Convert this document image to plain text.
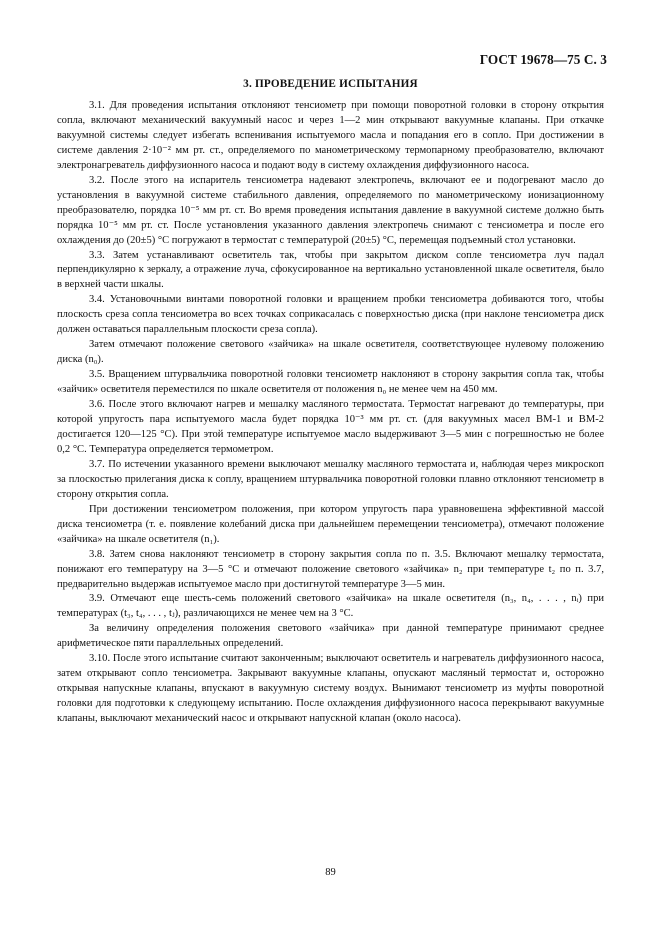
ГОСТ 19678—75 С. 3
3. ПРОВЕДЕНИЕ ИСПЫТАНИЯ

3.1. Для проведения испытания отклоняют тенсиометр при помощи поворотной головки в сторону открытия сопла, включают механический вакуумный насос и через 1—2 мин открывают вакуумные клапаны. При откачке вакуумной системы следует избегать вспенивания испытуемого масла и попадания его в сопло. При достижении в системе давления 2·10⁻² мм рт. ст., определяемого по манометрическому термопарному преобразователю, включают электронагреватель диффузионного насоса и подают воду в систему охлаждения диффузионного насоса.

3.2. После этого на испаритель тенсиометра надевают электропечь, включают ее и подогревают масло до установления в вакуумной системе стабильного давления, определяемого по манометрическому ионизационному преобразователю, порядка 10⁻⁵ мм рт. ст. Во время проведения испытания давление в вакуумной системе должно быть порядка 10⁻⁵ мм рт. ст. После установления указанного давления электропечь снимают с тенсиометра и после его охлаждения до (20±5) °С погружают в термостат с температурой (20±5) °С, перемещая подъемный стол установки.

3.3. Затем устанавливают осветитель так, чтобы при закрытом диском сопле тенсиометра луч падал перпендикулярно к зеркалу, а отражение луча, сфокусированное на вертикально установленной шкале осветителя, было в верхней части шкалы.

3.4. Установочными винтами поворотной головки и вращением пробки тенсиометра добиваются того, чтобы плоскость среза сопла тенсиометра во всех точках соприкасалась с поверхностью диска (при наклоне тенсиометра диск должен оставаться параллельным плоскости среза сопла).

Затем отмечают положение светового «зайчика» на шкале осветителя, соответствующее нулевому положению диска (n₀).

3.5. Вращением штурвальчика поворотной головки тенсиометр наклоняют в сторону закрытия сопла так, чтобы «зайчик» осветителя переместился по шкале осветителя от положения n₀ не менее чем на 450 мм.

3.6. После этого включают нагрев и мешалку масляного термостата. Термостат нагревают до температуры, при которой упругость пара испытуемого масла будет порядка 10⁻³ мм рт. ст. (для вакуумных масел ВМ-1 и ВМ-2 достигается 120—125 °С). При этой температуре испытуемое масло выдерживают 3—5 мин с погрешностью не более 0,2 °С. Температура определяется термометром.

3.7. По истечении указанного времени выключают мешалку масляного термостата и, наблюдая через микроскоп за плоскостью прилегания диска к соплу, вращением штурвальчика поворотной головки плавно отклоняют тенсиометр в сторону открытия сопла.

При достижении тенсиометром положения, при котором упругость пара уравновешена эффективной массой диска тенсиометра (т. е. появление колебаний диска при дальнейшем перемещении тенсиометра), отмечают положение «зайчика» на шкале осветителя (n₁).

3.8. Затем снова наклоняют тенсиометр в сторону закрытия сопла по п. 3.5. Включают мешалку термостата, понижают его температуру на 3—5 °С и отмечают положение светового «зайчика» n₂ при температуре t₂ по п. 3.7, предварительно выдержав испытуемое масло при достигнутой температуре 3—5 мин.

3.9. Отмечают еще шесть-семь положений светового «зайчика» на шкале осветителя (n₃, n₄, . . . , nᵢ) при температурах (t₃, t₄, . . . , tⱼ), различающихся не менее чем на 3 °С.

За величину определения положения светового «зайчика» при данной температуре принимают среднее арифметическое пяти параллельных определений.

3.10. После этого испытание считают законченным; выключают осветитель и нагреватель диффузионного насоса, затем открывают сопло тенсиометра. Закрывают вакуумные клапаны, опускают масляный термостат и, осторожно открывая напускные клапаны, впускают в вакуумную систему воздух. Вынимают тенсиометр из муфты поворотной головки для подготовки к следующему испытанию. После охлаждения диффузионного насоса перекрывают вакуумные клапаны, выключают механический насос и открывают напускной клапан (около насоса).

89
